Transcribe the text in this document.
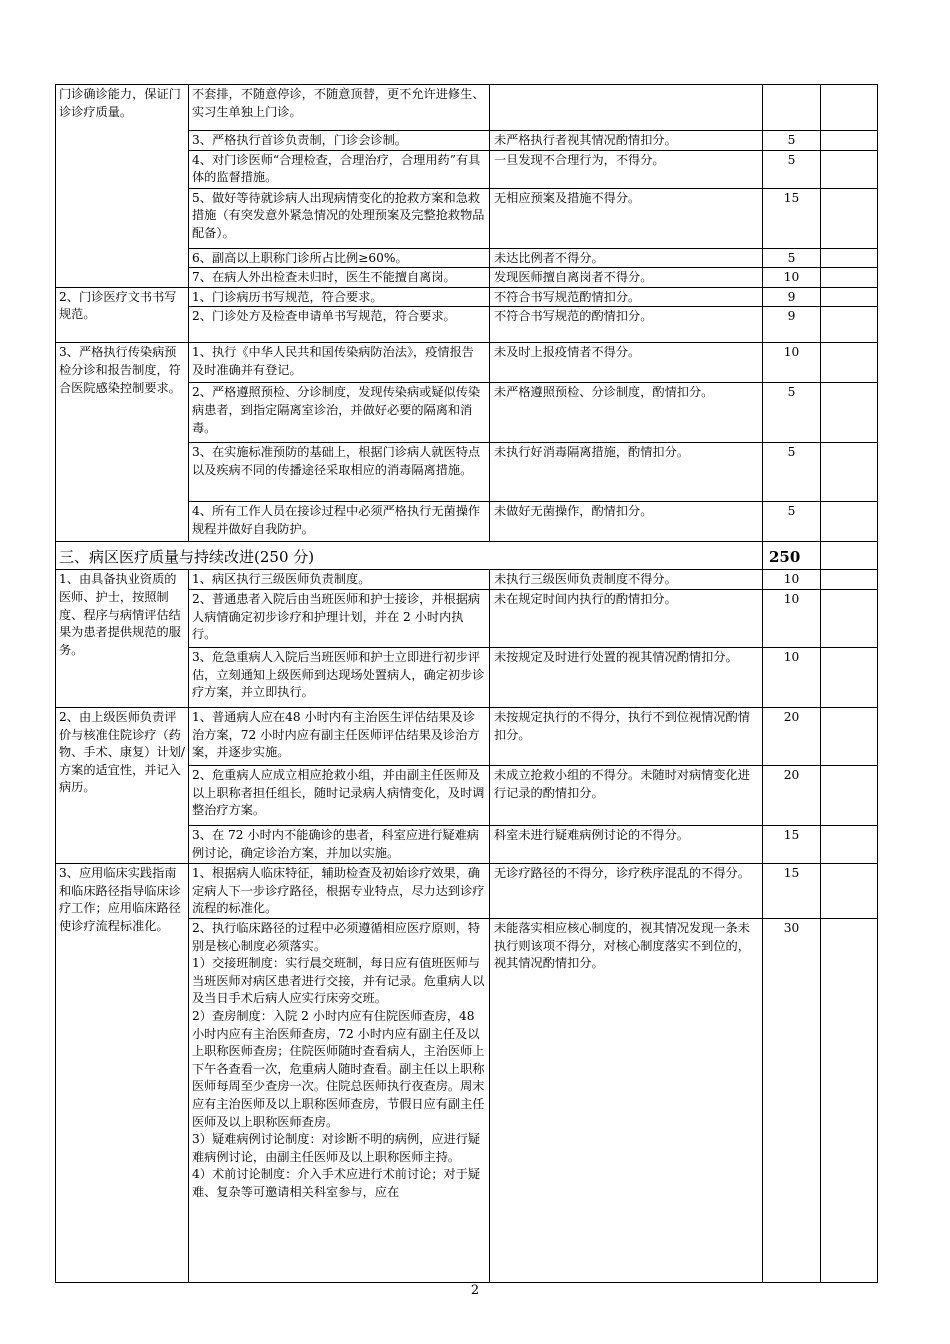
门诊确诊能力，保证门诊诊疗质量。	不套排，不随意停诊，不随意顶替，更不允许进修生、实习生单独上门诊。			
	3、严格执行首诊负责制，门诊会诊制。	未严格执行者视其情况酌情扣分。	5	
	4、对门诊医师“合理检查，合理治疗，合理用药”有具体的监督措施。	一旦发现不合理行为，不得分。	5	
	5、做好等待就诊病人出现病情变化的抢救方案和急救措施（有突发意外紧急情况的处理预案及完整抢救物品配备）。	无相应预案及措施不得分。	15	
	6、副高以上职称门诊所占比例≥60%。	未达比例者不得分。	5	
	7、在病人外出检查未归时，医生不能擅自离岗。	发现医师擅自离岗者不得分。	10	
2、门诊医疗文书书写规范。	1、门诊病历书写规范，符合要求。	不符合书写规范酌情扣分。	9	
	2、门诊处方及检查申请单书写规范，符合要求。	不符合书写规范的酌情扣分。	9	
3、严格执行传染病预检分诊和报告制度，符合医院感染控制要求。	1、执行《中华人民共和国传染病防治法》，疫情报告及时准确并有登记。	未及时上报疫情者不得分。	10	
	2、严格遵照预检、分诊制度，发现传染病或疑似传染病患者，到指定隔离室诊治，并做好必要的隔离和消毒。	未严格遵照预检、分诊制度，酌情扣分。	5	
	3、在实施标准预防的基础上，根据门诊病人就医特点以及疾病不同的传播途径采取相应的消毒隔离措施。	未执行好消毒隔离措施，酌情扣分。	5	
	4、所有工作人员在接诊过程中必须严格执行无菌操作规程并做好自我防护。	未做好无菌操作，酌情扣分。	5	
三、病区医疗质量与持续改进(250 分)			250	
1、由具备执业资质的医师、护士，按照制度、程序与病情评估结果为患者提供规范的服务。	1、病区执行三级医师负责制度。	未执行三级医师负责制度不得分。	10	
	2、普通患者入院后由当班医师和护士接诊，并根据病人病情确定初步诊疗和护理计划，并在 2 小时内执行。	未在规定时间内执行的酌情扣分。	10	
	3、危急重病人入院后当班医师和护士立即进行初步评估，立刻通知上级医师到达现场处置病人，确定初步诊疗方案，并立即执行。	未按规定及时进行处置的视其情况酌情扣分。	10	
2、由上级医师负责评价与核准住院诊疗（药物、手术、康复）计划/方案的适宜性，并记入病历。	1、普通病人应在48 小时内有主治医生评估结果及诊治方案，72 小时内应有副主任医师评估结果及诊治方案，并逐步实施。	未按规定执行的不得分，执行不到位视情况酌情扣分。	20	
	2、危重病人应成立相应抢救小组，并由副主任医师及以上职称者担任组长，随时记录病人病情变化，及时调整治疗方案。	未成立抢救小组的不得分。未随时对病情变化进行记录的酌情扣分。	20	
	3、在 72 小时内不能确诊的患者，科室应进行疑难病例讨论，确定诊治方案，并加以实施。	科室未进行疑难病例讨论的不得分。	15	
3、应用临床实践指南和临床路径指导临床诊疗工作；应用临床路径使诊疗流程标准化。	1、根据病人临床特征，辅助检查及初始诊疗效果，确定病人下一步诊疗路径，根据专业特点，尽力达到诊疗流程的标准化。	无诊疗路径的不得分，诊疗秩序混乱的不得分。	15	

	2、执行临床路径的过程中必须遵循相应医疗原则，特别是核心制度必须落实。
1）交接班制度：实行晨交班制，每日应有值班医师与当班医师对病区患者进行交接，并有记录。危重病人以及当日手术后病人应实行床旁交班。
2）查房制度：入院 2 小时内应有住院医师查房，48 小时内应有主治医师查房，72 小时内应有副主任及以上职称医师查房；住院医师随时查看病人，主治医师上下午各查看一次，危重病人随时查看。副主任以上职称医师每周至少查房一次。住院总医师执行夜查房。周末应有主治医师及以上职称医师查房，节假日应有副主任医师及以上职称医师查房。
3）疑难病例讨论制度：对诊断不明的病例，应进行疑难病例讨论，由副主任医师及以上职称医师主持。
4）术前讨论制度：介入手术应进行术前讨论；对于疑难、复杂等可邀请相关科室参与，应在	未能落实相应核心制度的，视其情况发现一条未执行则该项不得分，对核心制度落实不到位的，视其情况酌情扣分。	30	
2
